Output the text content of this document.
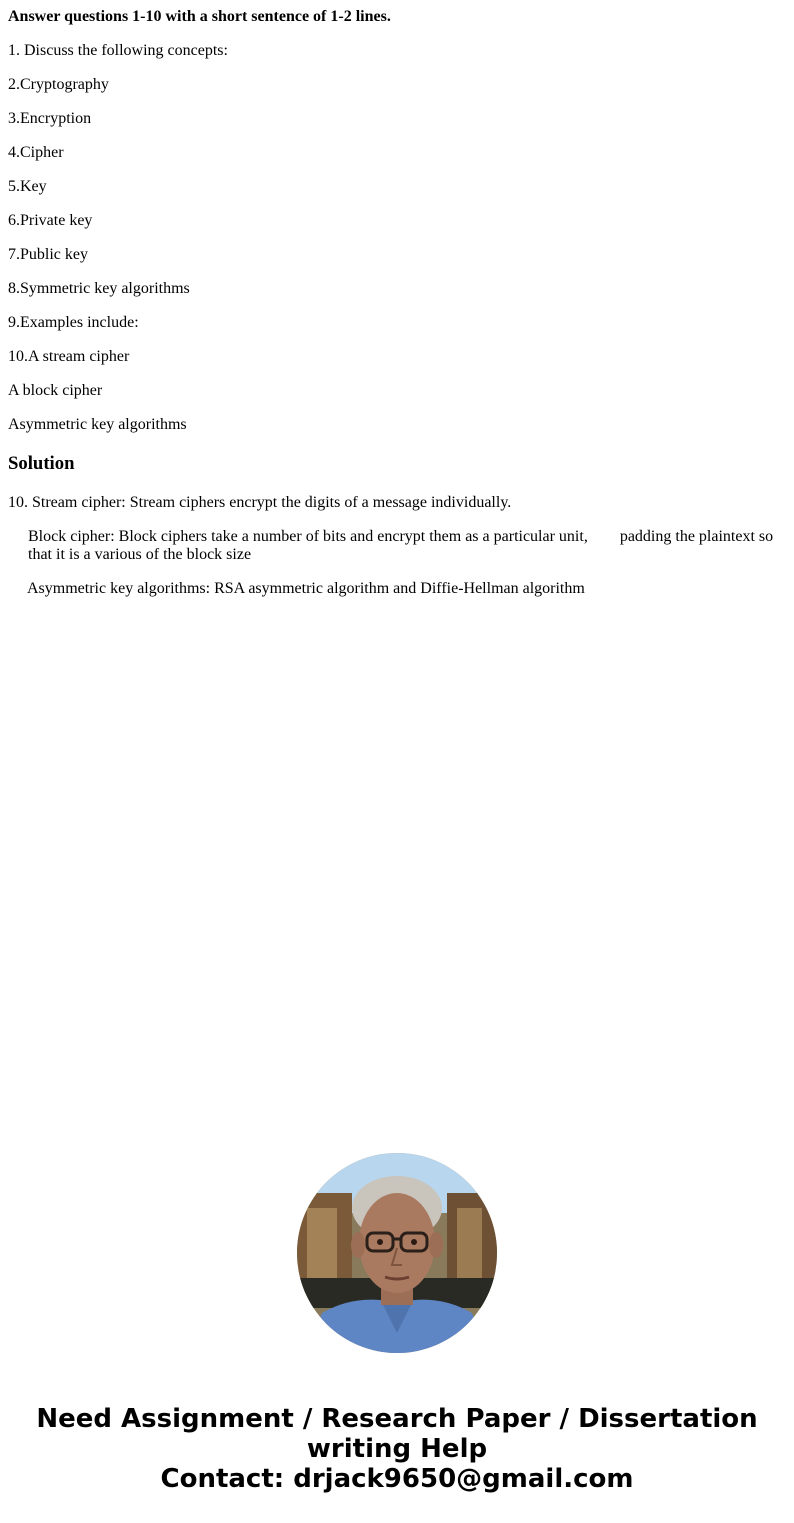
Answer questions 1-10 with a short sentence of 1-2 lines.

1. Discuss the following concepts:

2.Cryptography

3.Encryption

4.Cipher

5.Key

6.Private key

7.Public key

8.Symmetric key algorithms

9.Examples include:

10.A stream cipher

A block cipher

Asymmetric key algorithms

Solution

10. Stream cipher: Stream ciphers encrypt the digits of a message individually.

Block cipher: Block ciphers take a number of bits and encrypt them as a particular unit, padding the plaintext so that it is a various of the block size

Asymmetric key algorithms: RSA asymmetric algorithm and Diffie-Hellman algorithm

Need Assignment / Research Paper / Dissertation
writing Help
Contact: drjack9650@gmail.com
